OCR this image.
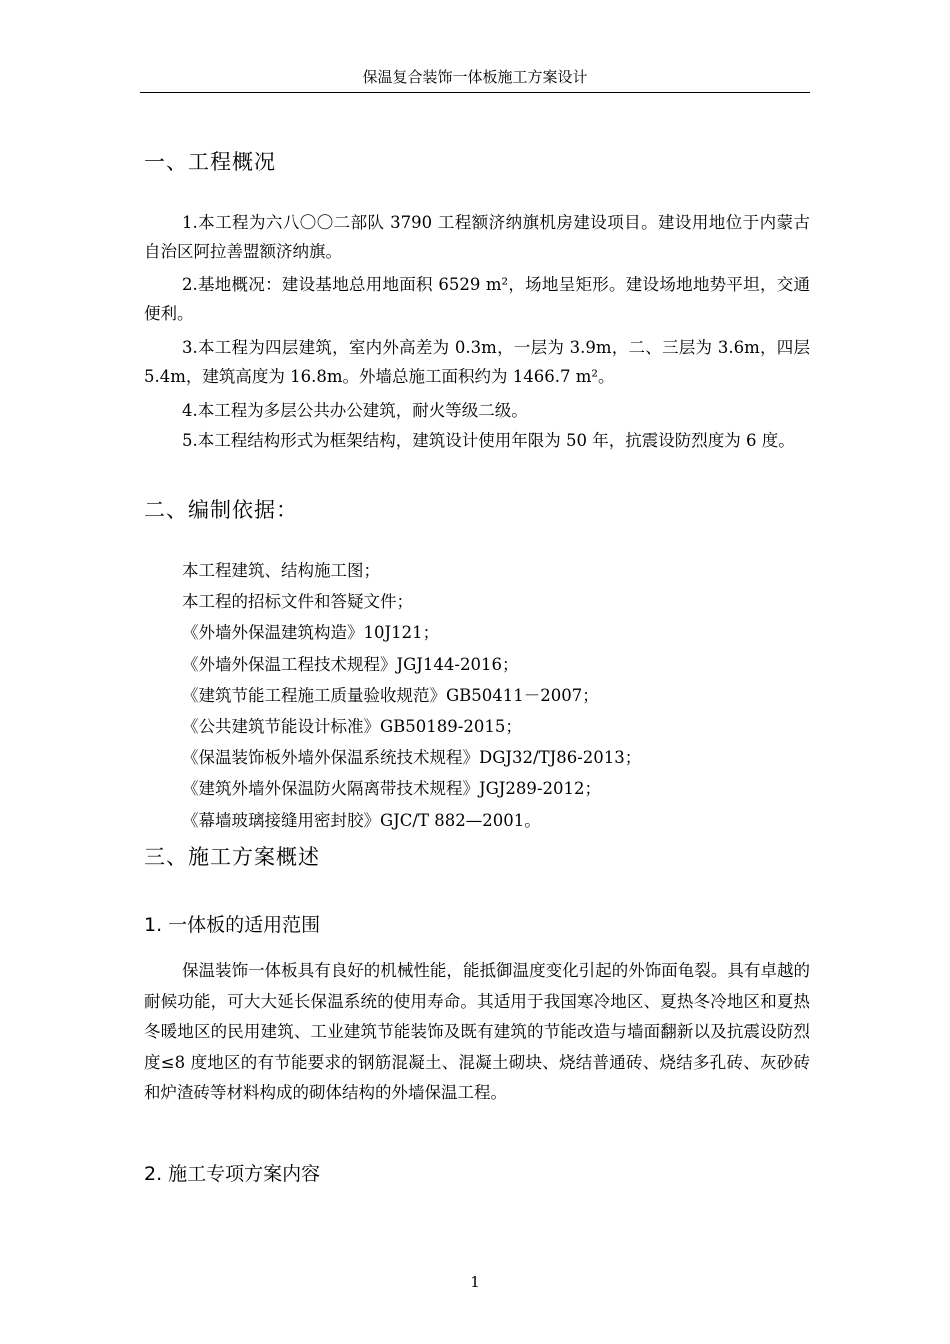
保温复合装饰一体板施工方案设计
一、工程概况

1.本工程为六八〇〇二部队 3790 工程额济纳旗机房建设项目。建设用地位于内蒙古自治区阿拉善盟额济纳旗。

2.基地概况：建设基地总用地面积 6529 m²，场地呈矩形。建设场地地势平坦，交通便利。

3.本工程为四层建筑，室内外高差为 0.3m，一层为 3.9m，二、三层为 3.6m，四层 5.4m，建筑高度为 16.8m。外墙总施工面积约为 1466.7 m²。

4.本工程为多层公共办公建筑，耐火等级二级。

5.本工程结构形式为框架结构，建筑设计使用年限为 50 年，抗震设防烈度为 6 度。

二、编制依据：
本工程建筑、结构施工图；
本工程的招标文件和答疑文件；
《外墙外保温建筑构造》10J121；
《外墙外保温工程技术规程》JGJ144-2016；
《建筑节能工程施工质量验收规范》GB50411－2007；
《公共建筑节能设计标准》GB50189-2015；
《保温装饰板外墙外保温系统技术规程》DGJ32/TJ86-2013；
《建筑外墙外保温防火隔离带技术规程》JGJ289-2012；
《幕墙玻璃接缝用密封胶》GJC/T 882—2001。
三、施工方案概述
1. 一体板的适用范围

保温装饰一体板具有良好的机械性能，能抵御温度变化引起的外饰面龟裂。具有卓越的耐候功能，可大大延长保温系统的使用寿命。其适用于我国寒冷地区、夏热冬冷地区和夏热冬暖地区的民用建筑、工业建筑节能装饰及既有建筑的节能改造与墙面翻新以及抗震设防烈度≤8 度地区的有节能要求的钢筋混凝土、混凝土砌块、烧结普通砖、烧结多孔砖、灰砂砖和炉渣砖等材料构成的砌体结构的外墙保温工程。

2. 施工专项方案内容
1
